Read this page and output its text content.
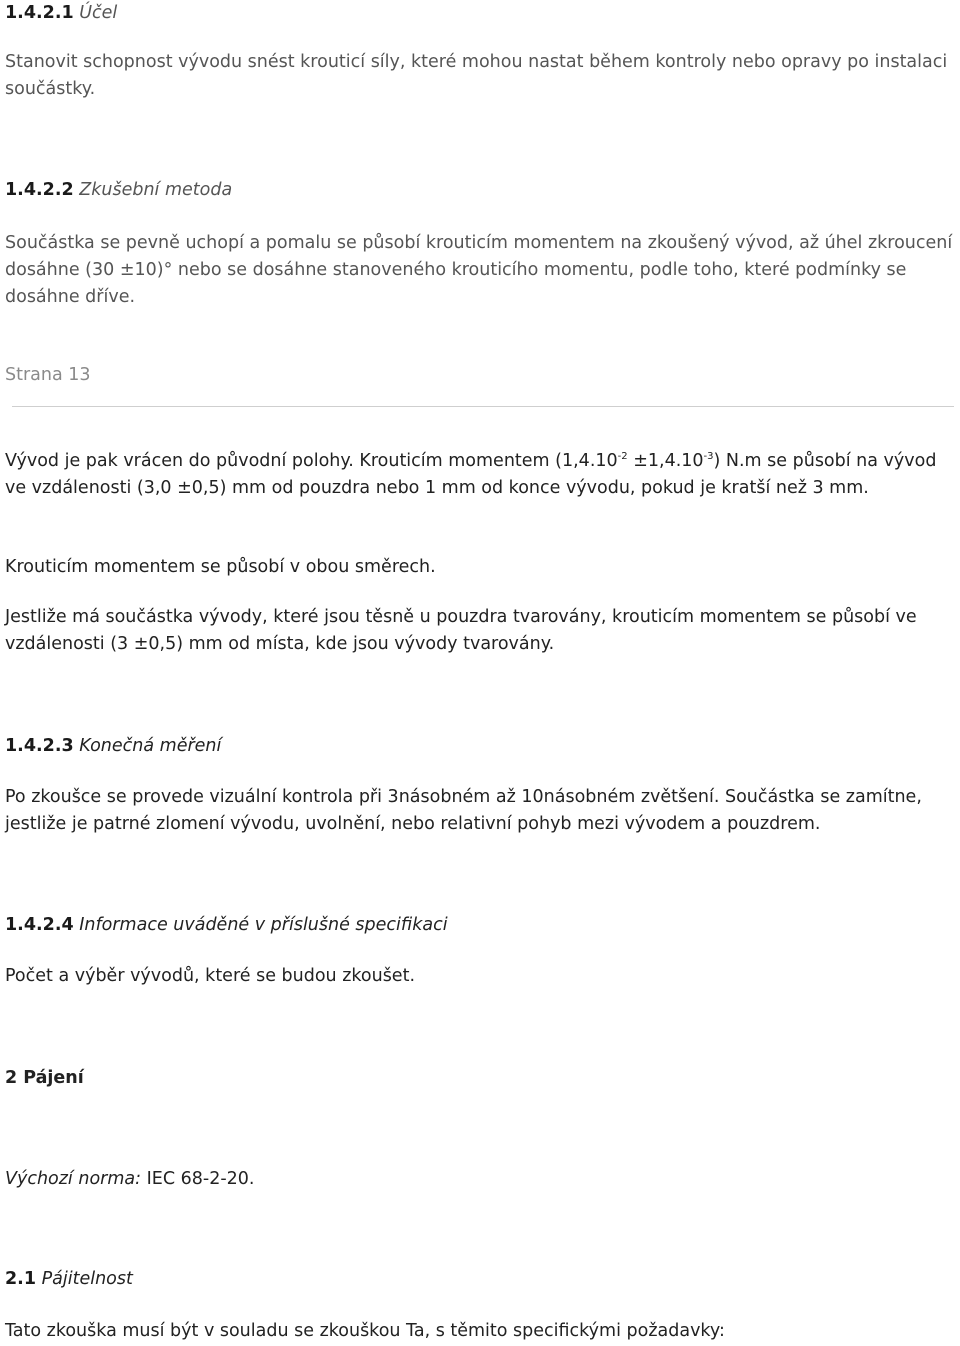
1.4.2.1 Účel

Stanovit schopnost vývodu snést krouticí síly, které mohou nastat během kontroly nebo opravy po instalaci součástky.

1.4.2.2 Zkušební metoda

Součástka se pevně uchopí a pomalu se působí krouticím momentem na zkoušený vývod, až úhel zkroucení dosáhne (30 ±10)° nebo se dosáhne stanoveného krouticího momentu, podle toho, které podmínky se dosáhne dříve.

Strana 13

Vývod je pak vrácen do původní polohy. Krouticím momentem $(1,4.10^{-2} \pm 1,4.10^{-3})$ N.m se působí na vývod ve vzdálenosti (3,0 ±0,5) mm od pouzdra nebo 1 mm od konce vývodu, pokud je kratší než 3 mm.

Krouticím momentem se působí v obou směrech.

Jestliže má součástka vývody, které jsou těsně u pouzdra tvarovány, krouticím momentem se působí ve vzdálenosti (3 ±0,5) mm od místa, kde jsou vývody tvarovány.

1.4.2.3 Konečná měření

Po zkoušce se provede vizuální kontrola při 3násobném až 10násobném zvětšení. Součástka se zamítne, jestliže je patrné zlomení vývodu, uvolnění, nebo relativní pohyb mezi vývodem a pouzdrem.

1.4.2.4 Informace uváděné v příslušné specifikaci

Počet a výběr vývodů, které se budou zkoušet.

2 Pájení

Výchozí norma: IEC 68-2-20.

2.1 Pájitelnost

Tato zkouška musí být v souladu se zkouškou Ta, s těmito specifickými požadavky:
